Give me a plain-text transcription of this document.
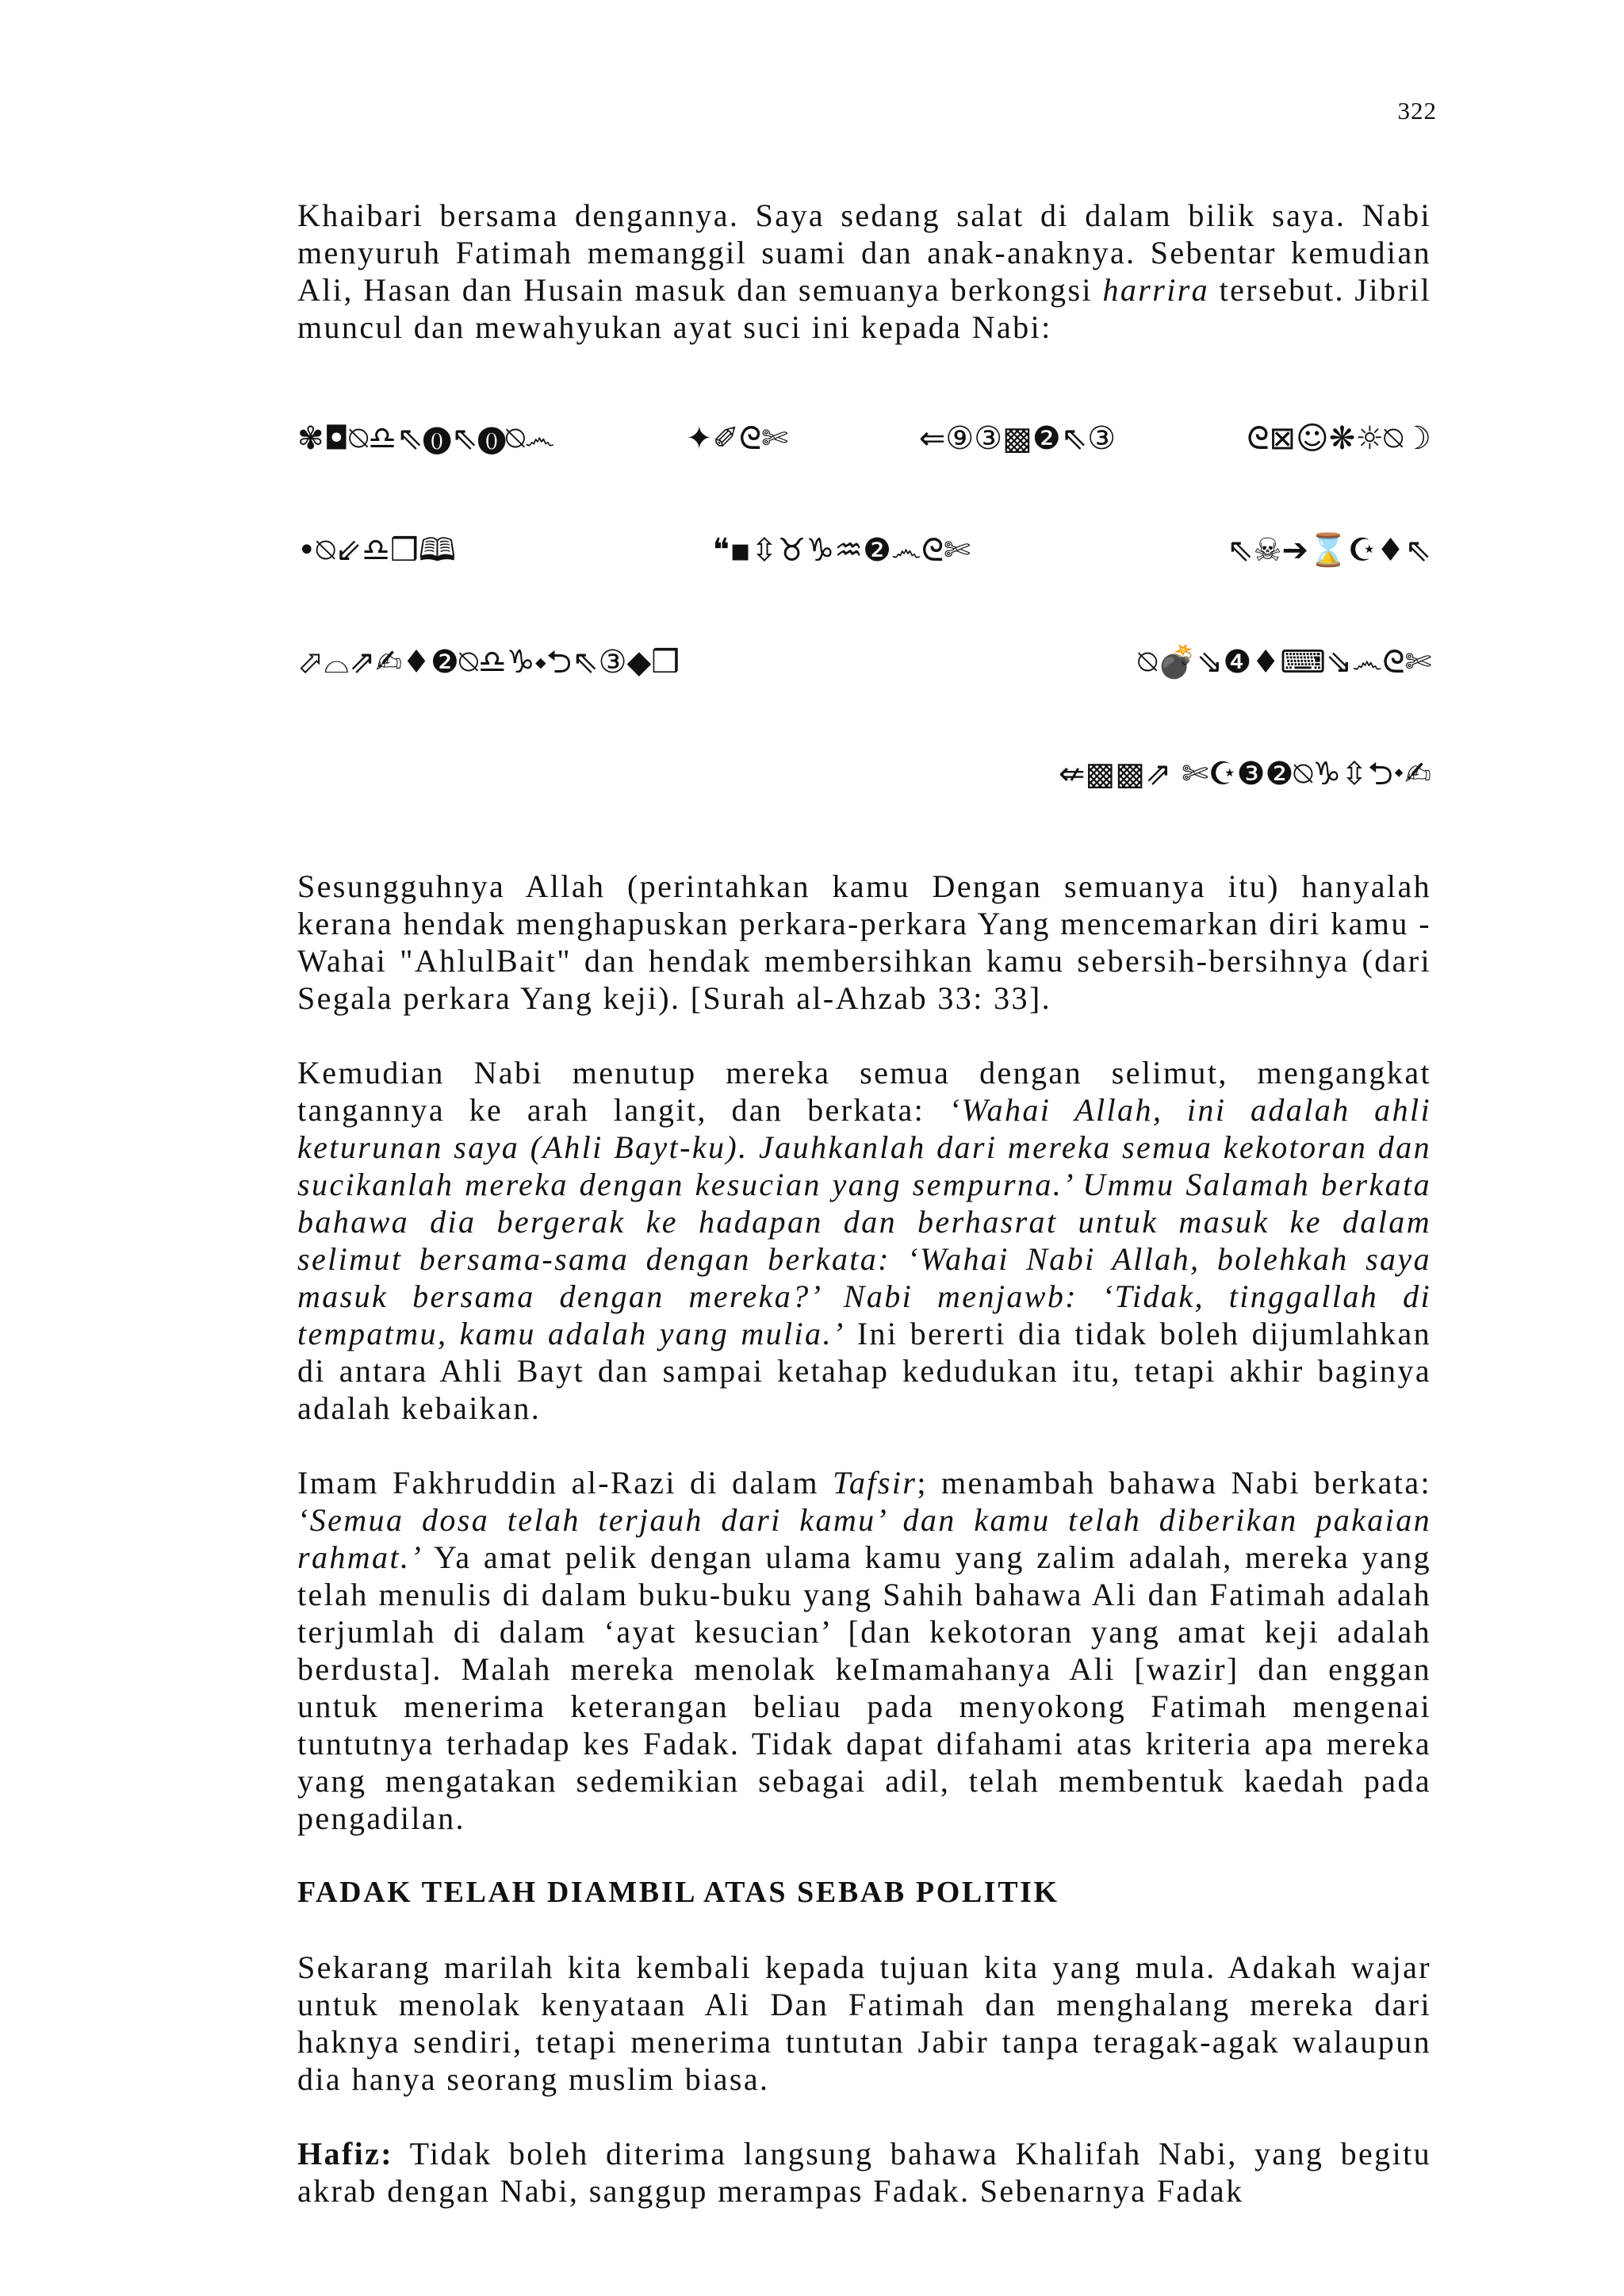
322

Khaibari bersama dengannya. Saya sedang salat di dalam bilik saya. Nabi menyuruh Fatimah memanggil suami dan anak-anaknya. Sebentar kemudian Ali, Hasan dan Husain masuk dan semuanya berkongsi harrira tersebut. Jibril muncul dan mewahyukan ayat suci ini kepada Nabi:

✾◘⍉♎⇖⓿⇖⓿⍉෴	✦✐ᘓ✄	⇐⑨③▩❷⇖③	ᘓ⊠☺❋☼⍉☽

•⍉⇙♎❒🕮	❝▪⇳♉♑♒❷෴ᘓ✄	⇖☠➔⌛☪♦⇖

⬀⌓⇗✍♦❷⍉♎♑⬩⮌⇖③◆❒	⍉💣⇘❹♦⌨⇘෴ᘓ✄

⇍▩▩⇗ ✄☪❸❷⍉♑⇳⮌⬩✍

Sesungguhnya Allah (perintahkan kamu Dengan semuanya itu) hanyalah kerana hendak menghapuskan perkara-perkara Yang mencemarkan diri kamu - Wahai "AhlulBait" dan hendak membersihkan kamu sebersih-bersihnya (dari Segala perkara Yang keji). [Surah al-Ahzab 33: 33].

Kemudian Nabi menutup mereka semua dengan selimut, mengangkat tangannya ke arah langit, dan berkata: ‘Wahai Allah, ini adalah ahli keturunan saya (Ahli Bayt-ku). Jauhkanlah dari mereka semua kekotoran dan sucikanlah mereka dengan kesucian yang sempurna.’ Ummu Salamah berkata bahawa dia bergerak ke hadapan dan berhasrat untuk masuk ke dalam selimut bersama-sama dengan berkata: ‘Wahai Nabi Allah, bolehkah saya masuk bersama dengan mereka?’ Nabi menjawb: ‘Tidak, tinggallah di tempatmu, kamu adalah yang mulia.’ Ini bererti dia tidak boleh dijumlahkan di antara Ahli Bayt dan sampai ketahap kedudukan itu, tetapi akhir baginya adalah kebaikan.

Imam Fakhruddin al-Razi di dalam Tafsir; menambah bahawa Nabi berkata: ‘Semua dosa telah terjauh dari kamu’ dan kamu telah diberikan pakaian rahmat.’ Ya amat pelik dengan ulama kamu yang zalim adalah, mereka yang telah menulis di dalam buku-buku yang Sahih bahawa Ali dan Fatimah adalah terjumlah di dalam ‘ayat kesucian’ [dan kekotoran yang amat keji adalah berdusta]. Malah mereka menolak keImamahanya Ali [wazir] dan enggan untuk menerima keterangan beliau pada menyokong Fatimah mengenai tuntutnya terhadap kes Fadak. Tidak dapat difahami atas kriteria apa mereka yang mengatakan sedemikian sebagai adil, telah membentuk kaedah pada pengadilan.

FADAK TELAH DIAMBIL ATAS SEBAB POLITIK

Sekarang marilah kita kembali kepada tujuan kita yang mula. Adakah wajar untuk menolak kenyataan Ali Dan Fatimah dan menghalang mereka dari haknya sendiri, tetapi menerima tuntutan Jabir tanpa teragak-agak walaupun dia hanya seorang muslim biasa.

Hafiz: Tidak boleh diterima langsung bahawa Khalifah Nabi, yang begitu akrab dengan Nabi, sanggup merampas Fadak. Sebenarnya Fadak
